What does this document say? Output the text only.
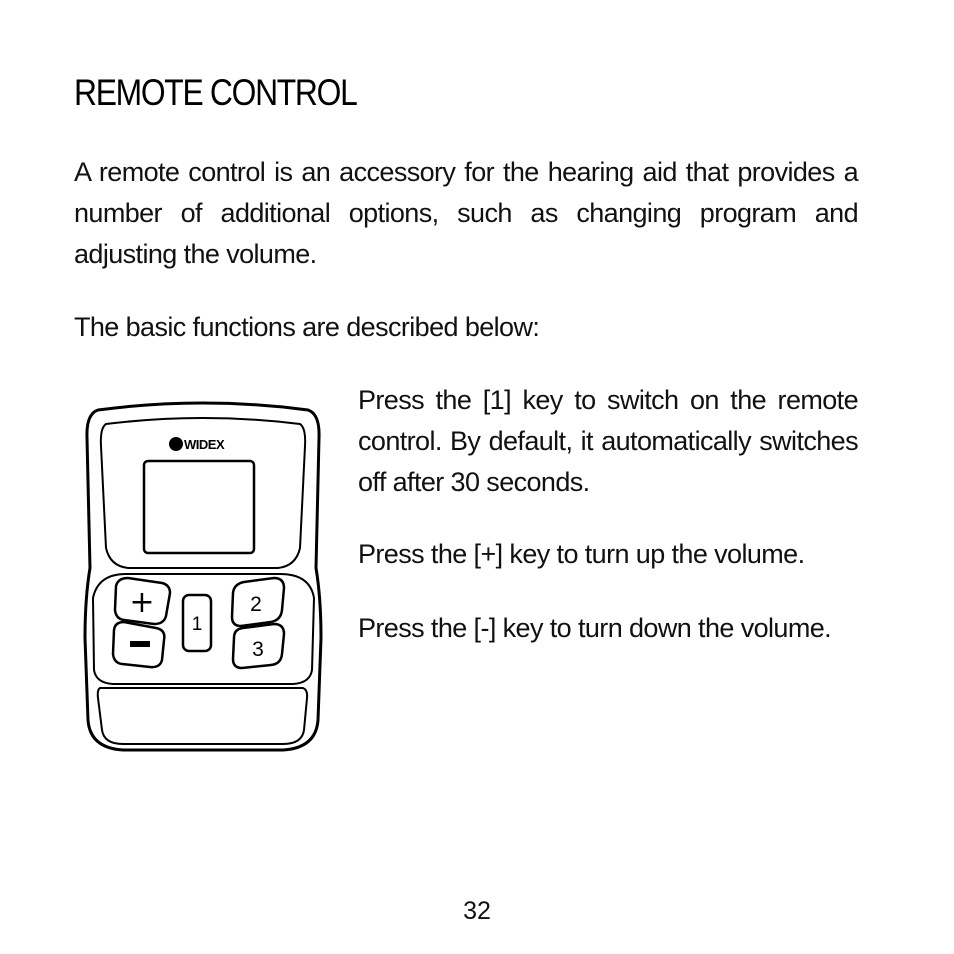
REMOTE CONTROL

A remote control is an accessory for the hearing aid that provides a number of additional options, such as changing program and adjusting the volume.

The basic functions are described below:

WIDEX
+
1
2
3

Press the [1] key to switch on the remote control. By default, it automatically switches off after 30 seconds.

Press the [+] key to turn up the volume.

Press the [-] key to turn down the volume.

32
